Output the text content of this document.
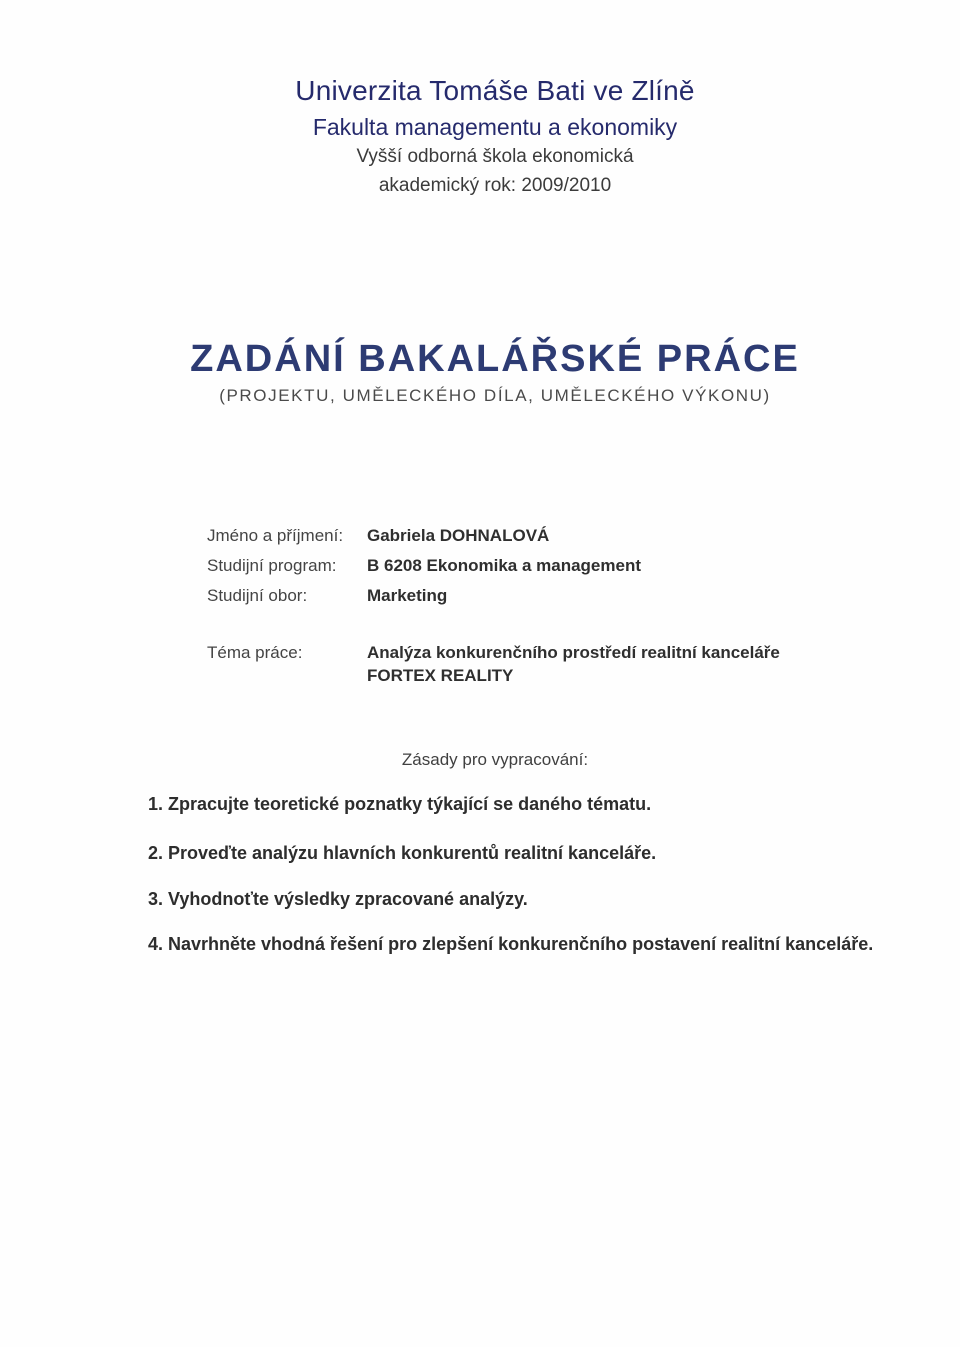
Univerzita Tomáše Bati ve Zlíně
Fakulta managementu a ekonomiky
Vyšší odborná škola ekonomická
akademický rok: 2009/2010
ZADÁNÍ BAKALÁŘSKÉ PRÁCE
(PROJEKTU, UMĚLECKÉHO DÍLA, UMĚLECKÉHO VÝKONU)
Jméno a příjmení: Gabriela DOHNALOVÁ
Studijní program: B 6208 Ekonomika a management
Studijní obor:	Marketing
Téma práce:	Analýza konkurenčního prostředí realitní kanceláře
FORTEX REALITY
Zásady pro vypracování:
1. Zpracujte teoretické poznatky týkající se daného tématu.
2. Proveďte analýzu hlavních konkurentů realitní kanceláře.
3. Vyhodnoťte výsledky zpracované analýzy.
4. Navrhněte vhodná řešení pro zlepšení konkurenčního postavení realitní kanceláře.
